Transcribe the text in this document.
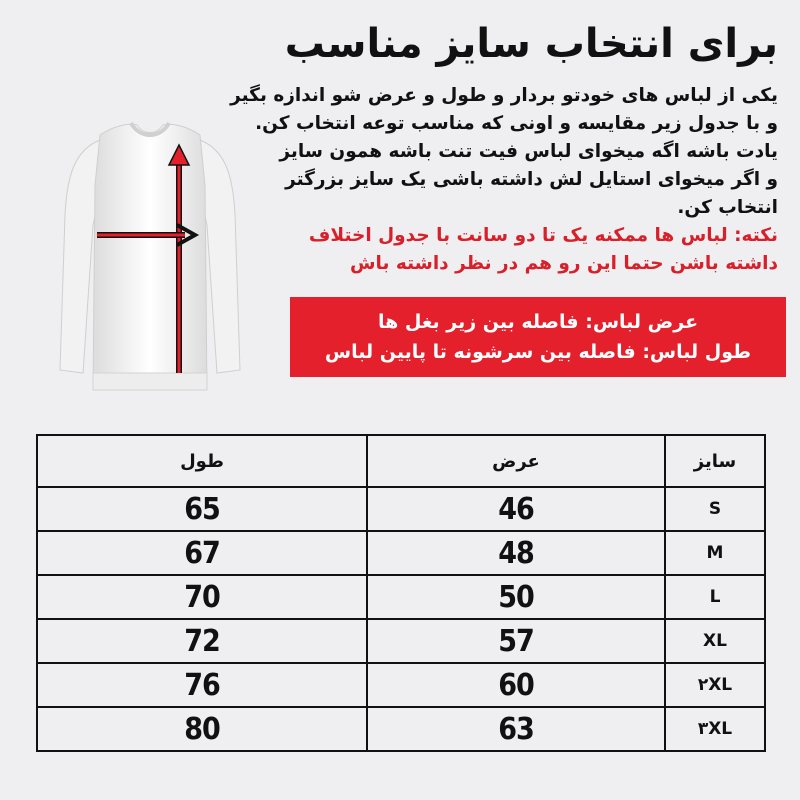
برای انتخاب سایز مناسب
یکی از لباس های خودتو بردار و طول و عرض شو اندازه بگیر
و با جدول زیر مقایسه و اونی که مناسب توعه انتخاب کن.
یادت باشه اگه میخوای لباس فیت تنت باشه همون سایز
و اگر میخوای استایل لش داشته باشی یک سایز بزرگتر
انتخاب کن.
نکته: لباس ها ممکنه یک تا دو سانت با جدول اختلاف
داشته باشن حتما این رو هم در نظر داشته باش
عرض لباس: فاصله بین زیر بغل ها
طول لباس: فاصله بین سرشونه تا پایین لباس
طول	عرض	سایز
65	46	S
67	48	M
70	50	L
72	57	XL
76	60	۲XL
80	63	۳XL
